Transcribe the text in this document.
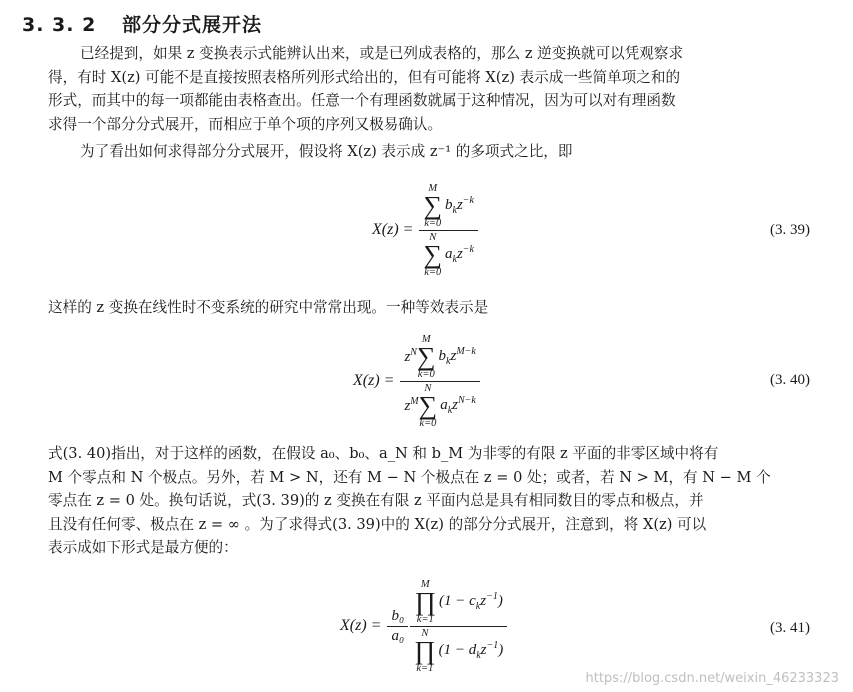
3. 3. 2 部分分式展开法
已经提到，如果 z 变换表示式能辨认出来，或是已列成表格的，那么 z 逆变换就可以凭观察求
得，有时 X(z) 可能不是直接按照表格所列形式给出的，但有可能将 X(z) 表示成一些简单项之和的
形式，而其中的每一项都能由表格查出。任意一个有理函数就属于这种情况，因为可以对有理函数
求得一个部分分式展开，而相应于单个项的序列又极易确认。
为了看出如何求得部分分式展开，假设将 X(z) 表示成 z⁻¹ 的多项式之比，即
X(z) = M
∑
k=0
$b_kz^{-k}$
N
∑
k=0
$a_kz^{-k}$	(3. 39)
这样的 z 变换在线性时不变系统的研究中常常出现。一种等效表示是
X(z) =
$z^N$
M
∑
k=0
$b_kz^{M-k}$
$z^M$
N
∑
k=0
$a_kz^{N-k}$
(3. 40)
式(3. 40)指出，对于这样的函数，在假设 a₀、b₀、a_N 和 b_M 为非零的有限 z 平面的非零区域中将有
M 个零点和 N 个极点。另外，若 M > N，还有 M − N 个极点在 z = 0 处；或者，若 N > M，有 N − M 个
零点在 z = 0 处。换句话说，式(3. 39)的 z 变换在有限 z 平面内总是具有相同数目的零点和极点，并
且没有任何零、极点在 z = ∞ 。为了求得式(3. 39)中的 X(z) 的部分分式展开，注意到，将 X(z) 可以
表示成如下形式是最方便的：
$X(z) = \frac{\text{b₀}}{\text{a₀}}$ M
∏
k=1
$(1 - c_kz^{-1})$
N
∏
k=1
$(1 - d_kz^{-1})$	(3. 41)
https://blog.csdn.net/weixin_46233323
